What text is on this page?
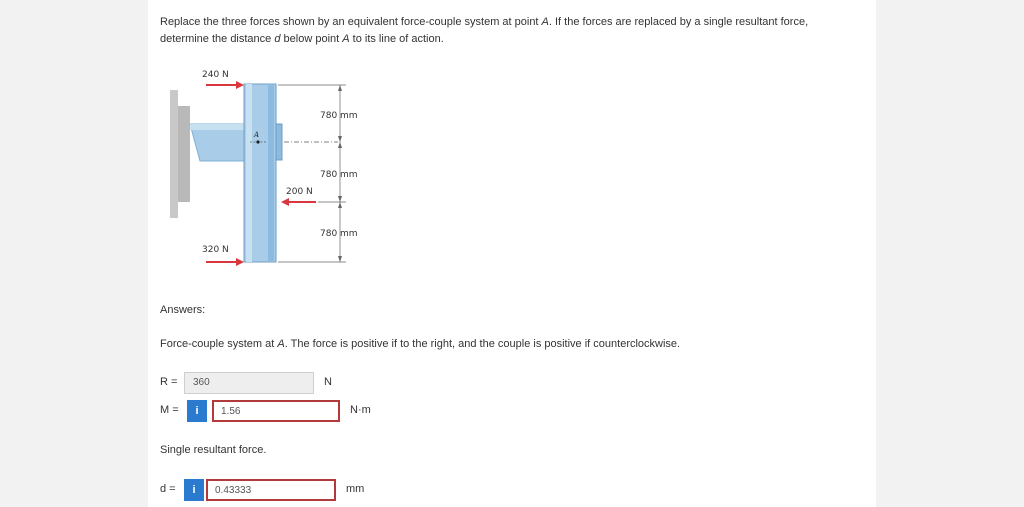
Replace the three forces shown by an equivalent force-couple system at point A. If the forces are replaced by a single resultant force, determine the distance d below point A to its line of action.
A
780 mm
780 mm
780 mm
240 N
200 N
320 N
Answers:
Force-couple system at A. The force is positive if to the right, and the couple is positive if counterclockwise.
R =	360	N
M =	i	1.56	N·m
Single resultant force.
d =	i	0.43333	mm
